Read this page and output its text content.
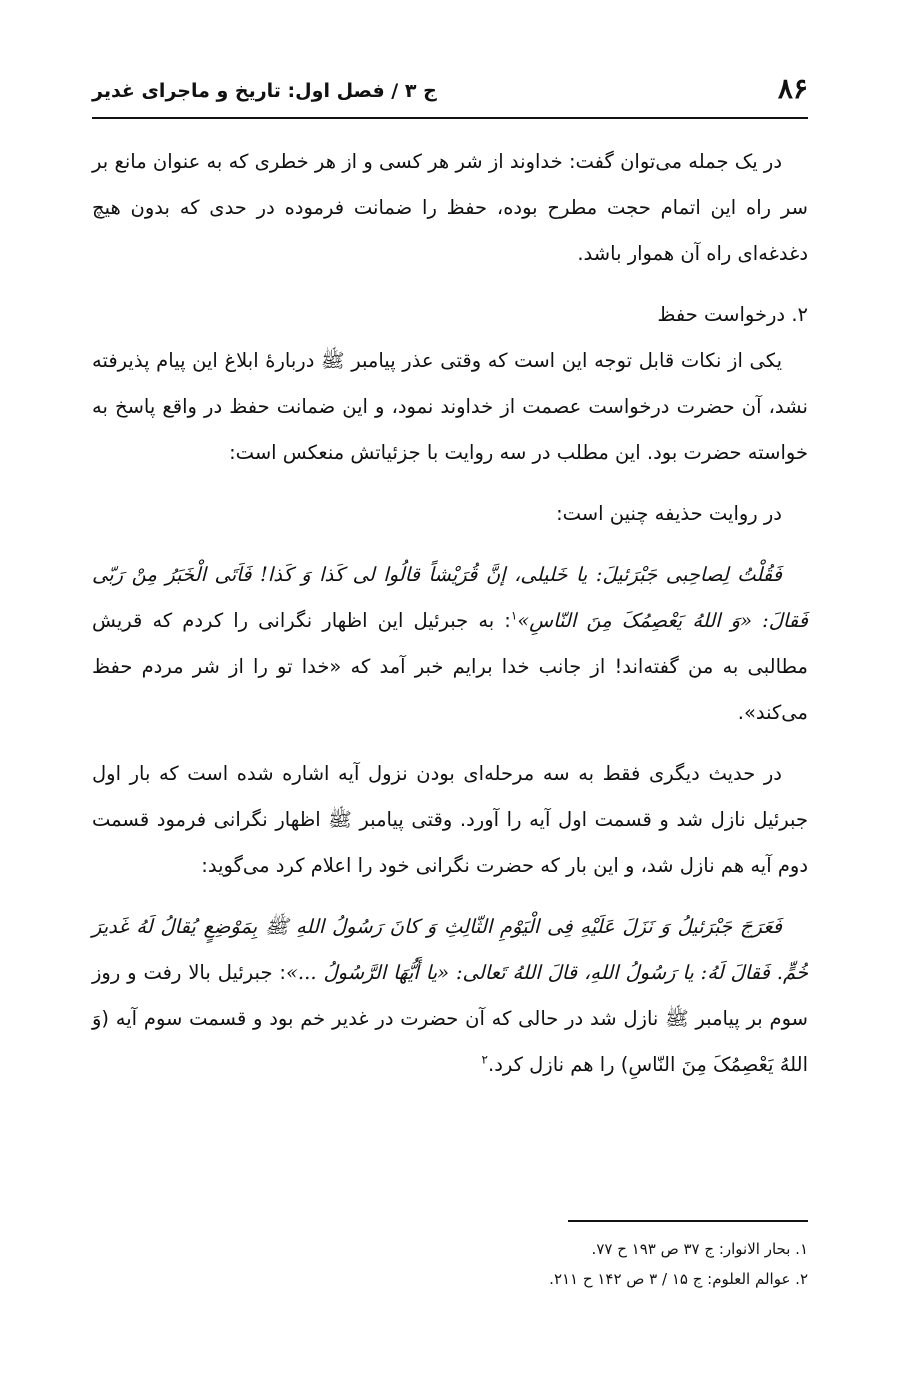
۸۶
ج ۳ / فصل اول: تاریخ و ماجرای غدیر

در یک جمله می‌توان گفت: خداوند از شر هر کسی و از هر خطری که به عنوان مانع بر سر راه این اتمام حجت مطرح بوده، حفظ را ضمانت فرموده در حدی که بدون هیچ دغدغه‌ای راه آن هموار باشد.

۲. درخواست حفظ

یکی از نکات قابل توجه این است که وقتی عذر پیامبر ﷺ دربارهٔ ابلاغ این پیام پذیرفته نشد، آن حضرت درخواست عصمت از خداوند نمود، و این ضمانت حفظ در واقع پاسخ به خواسته حضرت بود. این مطلب در سه روایت با جزئیاتش منعکس است:

در روایت حذیفه چنین است:

فَقُلْتُ لِصاحِبی جَبْرَئیلَ: یا خَلیلی، إنَّ قُرَیْشاً قالُوا لی کَذا وَ کَذا! فَاَتَی الْخَبَرُ مِنْ رَبّی فَقالَ: «وَ اللهُ یَعْصِمُکَ مِنَ النّاسِ»$^۱$: به جبرئیل این اظهار نگرانی را کردم که قریش مطالبی به من گفته‌اند! از جانب خدا برایم خبر آمد که «خدا تو را از شر مردم حفظ می‌کند».

در حدیث دیگری فقط به سه مرحله‌ای بودن نزول آیه اشاره شده است که بار اول جبرئیل نازل شد و قسمت اول آیه را آورد. وقتی پیامبر ﷺ اظهار نگرانی فرمود قسمت دوم آیه هم نازل شد، و این بار که حضرت نگرانی خود را اعلام کرد می‌گوید:

فَعَرَجَ جَبْرَئیلُ وَ نَزَلَ عَلَیْهِ فِی الْیَوْمِ الثّالِثِ وَ کانَ رَسُولُ اللهِ ﷺ بِمَوْضِعٍ یُقالُ لَهُ غَدیرَ خُمٍّ. فَقالَ لَهُ: یا رَسُولُ اللهِ، قالَ اللهُ تَعالی: «یا أَیُّهَا الرَّسُولُ ...»: جبرئیل بالا رفت و روز سوم بر پیامبر ﷺ نازل شد در حالی که آن حضرت در غدیر خم بود و قسمت سوم آیه (وَ اللهُ یَعْصِمُکَ مِنَ النّاسِ) را هم نازل کرد.$^۲$

۱. بحار الانوار: ج ۳۷ ص ۱۹۳ ح ۷۷.

۲. عوالم العلوم: ج ۱۵ / ۳ ص ۱۴۲ ح ۲۱۱.
